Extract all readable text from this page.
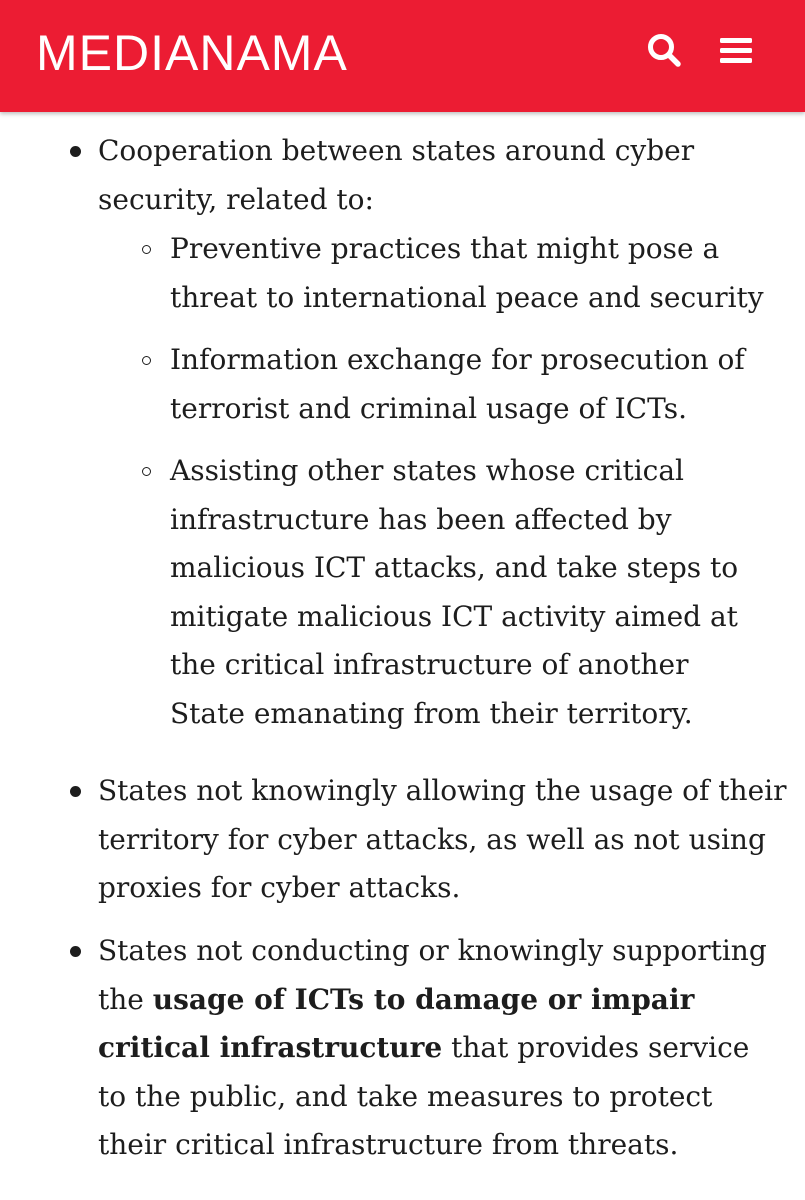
MEDIANAMA
Cooperation between states around cyber security, related to:
Preventive practices that might pose a threat to international peace and security
Information exchange for prosecution of terrorist and criminal usage of ICTs.
Assisting other states whose critical infrastructure has been affected by malicious ICT attacks, and take steps to mitigate malicious ICT activity aimed at the critical infrastructure of another State emanating from their territory.
States not knowingly allowing the usage of their territory for cyber attacks, as well as not using proxies for cyber attacks.
States not conducting or knowingly supporting the usage of ICTs to damage or impair critical infrastructure that provides service to the public, and take measures to protect their critical infrastructure from threats.
